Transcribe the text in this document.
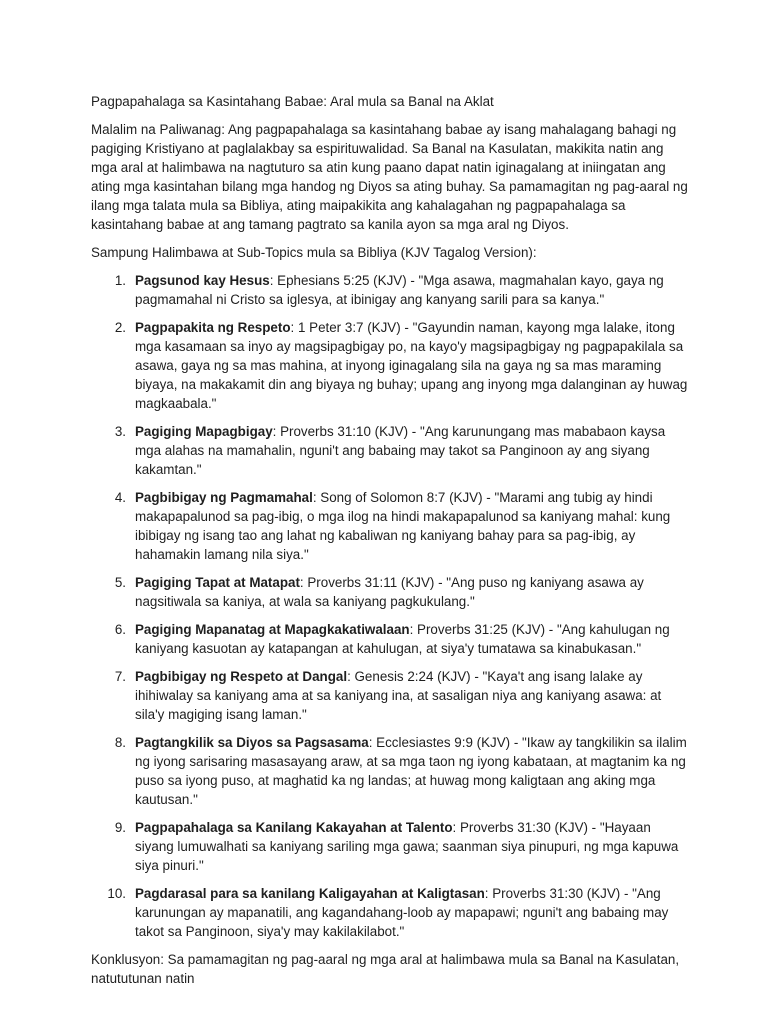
Pagpapahalaga sa Kasintahang Babae: Aral mula sa Banal na Aklat

Malalim na Paliwanag: Ang pagpapahalaga sa kasintahang babae ay isang mahalagang bahagi ng pagiging Kristiyano at paglalakbay sa espirituwalidad. Sa Banal na Kasulatan, makikita natin ang mga aral at halimbawa na nagtuturo sa atin kung paano dapat natin iginagalang at iniingatan ang ating mga kasintahan bilang mga handog ng Diyos sa ating buhay. Sa pamamagitan ng pag-aaral ng ilang mga talata mula sa Bibliya, ating maipakikita ang kahalagahan ng pagpapahalaga sa kasintahang babae at ang tamang pagtrato sa kanila ayon sa mga aral ng Diyos.

Sampung Halimbawa at Sub-Topics mula sa Bibliya (KJV Tagalog Version):

1. Pagsunod kay Hesus: Ephesians 5:25 (KJV) - "Mga asawa, magmahalan kayo, gaya ng pagmamahal ni Cristo sa iglesya, at ibinigay ang kanyang sarili para sa kanya."
2. Pagpapakita ng Respeto: 1 Peter 3:7 (KJV) - "Gayundin naman, kayong mga lalake, itong mga kasamaan sa inyo ay magsipagbigay po, na kayo'y magsipagbigay ng pagpapakilala sa asawa, gaya ng sa mas mahina, at inyong iginagalang sila na gaya ng sa mas maraming biyaya, na makakamit din ang biyaya ng buhay; upang ang inyong mga dalanginan ay huwag magkaabala."
3. Pagiging Mapagbigay: Proverbs 31:10 (KJV) - "Ang karunungang mas mababaon kaysa mga alahas na mamahalin, nguni't ang babaing may takot sa Panginoon ay ang siyang kakamtan."
4. Pagbibigay ng Pagmamahal: Song of Solomon 8:7 (KJV) - "Marami ang tubig ay hindi makapapalunod sa pag-ibig, o mga ilog na hindi makapapalunod sa kaniyang mahal: kung ibibigay ng isang tao ang lahat ng kabaliwan ng kaniyang bahay para sa pag-ibig, ay hahamakin lamang nila siya."
5. Pagiging Tapat at Matapat: Proverbs 31:11 (KJV) - "Ang puso ng kaniyang asawa ay nagsitiwala sa kaniya, at wala sa kaniyang pagkukulang."
6. Pagiging Mapanatag at Mapagkakatiwalaan: Proverbs 31:25 (KJV) - "Ang kahulugan ng kaniyang kasuotan ay katapangan at kahulugan, at siya'y tumatawa sa kinabukasan."
7. Pagbibigay ng Respeto at Dangal: Genesis 2:24 (KJV) - "Kaya't ang isang lalake ay ihihiwalay sa kaniyang ama at sa kaniyang ina, at sasaligan niya ang kaniyang asawa: at sila'y magiging isang laman."
8. Pagtangkilik sa Diyos sa Pagsasama: Ecclesiastes 9:9 (KJV) - "Ikaw ay tangkilikin sa ilalim ng iyong sarisaring masasayang araw, at sa mga taon ng iyong kabataan, at magtanim ka ng puso sa iyong puso, at maghatid ka ng landas; at huwag mong kaligtaan ang aking mga kautusan."
9. Pagpapahalaga sa Kanilang Kakayahan at Talento: Proverbs 31:30 (KJV) - "Hayaan siyang lumuwalhati sa kaniyang sariling mga gawa; saanman siya pinupuri, ng mga kapuwa siya pinuri."
10. Pagdarasal para sa kanilang Kaligayahan at Kaligtasan: Proverbs 31:30 (KJV) - "Ang karunungan ay mapanatili, ang kagandahang-loob ay mapapawi; nguni't ang babaing may takot sa Panginoon, siya'y may kakilakilabot."

Konklusyon: Sa pamamagitan ng pag-aaral ng mga aral at halimbawa mula sa Banal na Kasulatan, natututunan natin
